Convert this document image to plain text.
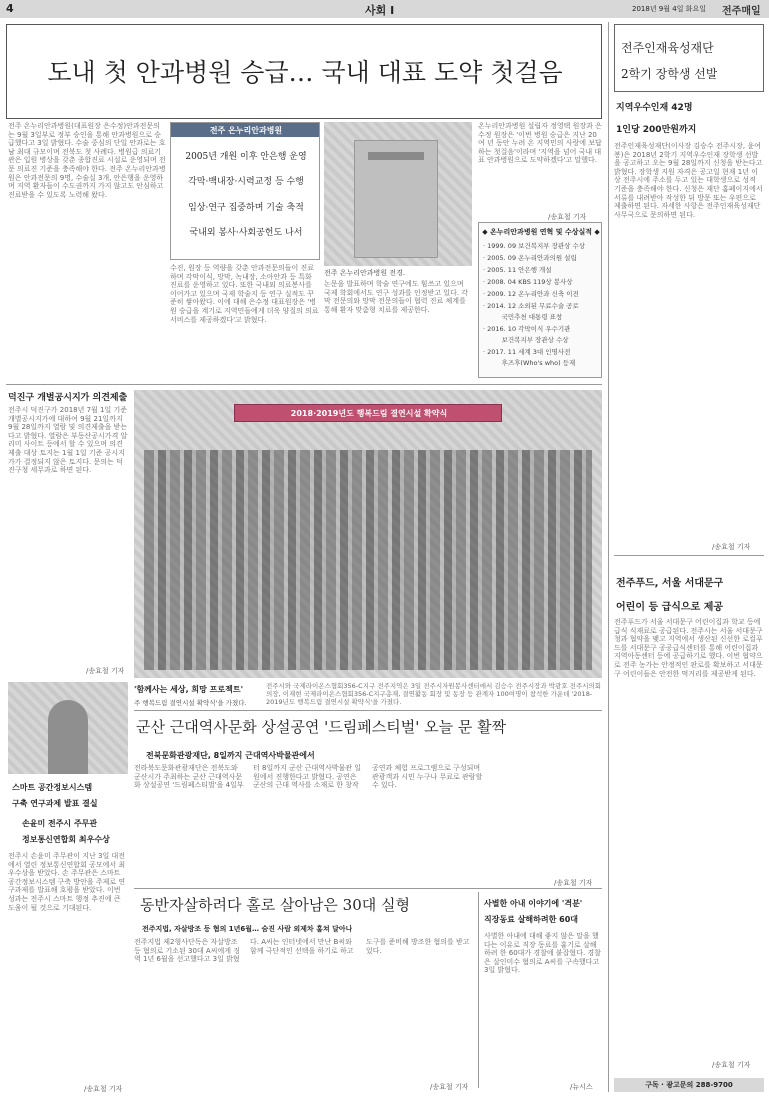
4	사회 I	2018년 9월 4일 화요일 전주매일
도내 첫 안과병원 승급… 국내 대표 도약 첫걸음
전주 온누리안과병원(대표원장 은수정)안과전문의는 9월 3일부로 정부 승인을 통해 안과병원으로 승급했다고 3일 밝혔다. 수술 중심의 단일 안과로는 호남 최대 규모이며 전북도 첫 사례다. 병원급 의료기관은 입원 병상을 갖춘 종합진료 시설로 운영되며 전문 의료진 기준을 충족해야 한다. 전주 온누리안과병원은 안과전문의 9명, 수술실 3개, 안은행을 운영하며 지역 환자들이 수도권까지 가지 않고도 안심하고 진료받을 수 있도록 노력해 왔다.
전주 온누리안과병원
2005년 개원 이후 안은행 운영
각막·백내장·시력교정 등 수행
임상·연구 집중하며 기술 축적
국내외 봉사·사회공헌도 나서
수진, 원장 등 역량을 갖춘 안과전문의들이 진료하며 각막이식, 망막, 녹내장, 소아안과 등 특화 진료를 운영하고 있다. 또한 국내외 의료봉사를 이어가고 있으며 국제 학술지 등 연구 실적도 꾸준히 쌓아왔다. 이에 대해 은수정 대표원장은 '병원 승급을 계기로 지역민들에게 더욱 양질의 의료 서비스를 제공하겠다'고 밝혔다.
전주 온누리안과병원 전경.
논문을 발표하며 학술 연구에도 힘쓰고 있으며 국제 학회에서도 연구 성과를 인정받고 있다. 각막 전문의와 망막 전문의들이 협력 진료 체계를 통해 환자 맞춤형 치료를 제공한다.
온누리안과병원 설립자 정영택 원장과 은수정 원장은 '이번 병원 승급은 지난 20여 년 동안 누려 온 지역민의 사랑에 보답하는 첫걸음'이라며 '지역을 넘어 국내 대표 안과병원으로 도약하겠다'고 말했다.
/송효철 기자
◆ 온누리안과병원 연혁 및 수상실적 ◆
· 1999. 09 보건복지부 장관상 수상
· 2005. 09 온누리안과의원 설립
· 2005. 11 안은행 개설
· 2008. 04 KBS 119상 봉사상
· 2009. 12 온누리안과 신축 이전
· 2014. 12 소외된 무료수술 공로
국민추천 대통령 표창
· 2016. 10 각막이식 우수기관
보건복지부 장관상 수상
· 2017. 11 세계 3대 인명사전
후즈후(Who's who) 등재
전주인재육성재단
2학기 장학생 선발
지역우수인재 42명
1인당 200만원까지
전주인재육성재단(이사장 김승수 전주시장, 윤여봉)은 2018년 2학기 지역우수인재 장학생 선발을 공고하고 오는 9월 28일까지 신청을 받는다고 밝혔다. 장학생 지원 자격은 공고일 현재 1년 이상 전주시에 주소를 두고 있는 대학생으로 성적 기준을 충족해야 한다. 신청은 재단 홈페이지에서 서류를 내려받아 작성한 뒤 방문 또는 우편으로 제출하면 된다. 자세한 사항은 전주인재육성재단 사무국으로 문의하면 된다.
/송효철 기자
전주푸드, 서울 서대문구
어린이 등 급식으로 제공
전주푸드가 서울 서대문구 어린이집과 학교 등에 급식 식재료로 공급된다. 전주시는 서울 서대문구청과 협약을 맺고 지역에서 생산된 신선한 로컬푸드를 서대문구 공공급식센터를 통해 어린이집과 지역아동센터 등에 공급하기로 했다. 이번 협약으로 전주 농가는 안정적인 판로를 확보하고 서대문구 어린이들은 안전한 먹거리를 제공받게 된다.
/송효철 기자
구독 · 광고문의 288-9700
덕진구 개별공시지가 의견제출
전주시 덕진구가 2018년 7월 1일 기준 개별공시지가에 대하여 9월 21일까지 9월 28일까지 열람 및 의견제출을 받는다고 밝혔다. 열람은 부동산공시가격 알리미 사이트 등에서 할 수 있으며 의견제출 대상 토지는 1월 1일 기준 공시지가가 결정되지 않은 토지다. 문의는 덕진구청 세무과로 하면 된다.
/송효철 기자
2018·2019년도 행복드림 결연시설 확약식
'함께사는 세상, 희망 프로젝트'
주 행복드림 결연시설 확약식'을 가졌다.
전주시와 국제라이온스협회356-C지구 전주지역은 3일 전주시자원봉사센터에서 김승수 전주시장과 박광호 전주시의회 의장, 이재현 국제라이온스협회356-C지구총재, 결연활동 회장 및 동장 등 관계자 100여명이 참석한 가운데 '2018-2019년도 행복드림 결연시설 확약식'을 가졌다.
스마트 공간정보시스템
구축 연구과제 발표 결실
손윤미 전주시 주무관
정보통신연합회 최우수상
전주시 손윤미 주무관이 지난 3일 대전에서 열린 정보통신연합회 공모에서 최우수상을 받았다. 손 주무관은 스마트 공간정보시스템 구축 방안을 주제로 연구과제를 발표해 호평을 받았다. 이번 성과는 전주시 스마트 행정 추진에 큰 도움이 될 것으로 기대된다.
/송효철 기자
군산 근대역사문화 상설공연 '드림페스티벌' 오늘 문 활짝
전북문화관광재단, 8일까지 근대역사박물관에서
전라북도문화관광재단은 전북도와 군산시가 주최하는 군산 근대역사문화 상설공연 '드림페스티벌'을 4일부터 8일까지 군산 근대역사박물관 일원에서 진행한다고 밝혔다. 공연은 군산의 근대 역사를 소재로 한 창작 공연과 체험 프로그램으로 구성되며 관광객과 시민 누구나 무료로 관람할 수 있다.
/송효철 기자
동반자살하려다 홀로 살아남은 30대 실형
전주지법, 자살방조 등 혐의 1년6월… 숨진 사람 외제차 훔쳐 달아나
전주지법 제2형사단독은 자살방조 등 혐의로 기소된 30대 A씨에게 징역 1년 6월을 선고했다고 3일 밝혔다. A씨는 인터넷에서 만난 B씨와 함께 극단적인 선택을 하기로 하고 도구를 준비해 방조한 혐의를 받고 있다.
/송효철 기자
사별한 아내 이야기에 '격분'
직장동료 살해하려한 60대
사별한 아내에 대해 좋지 않은 말을 했다는 이유로 직장 동료를 흉기로 살해하려 한 60대가 경찰에 붙잡혔다. 경찰은 살인미수 혐의로 A씨를 구속했다고 3일 밝혔다.
/뉴시스
